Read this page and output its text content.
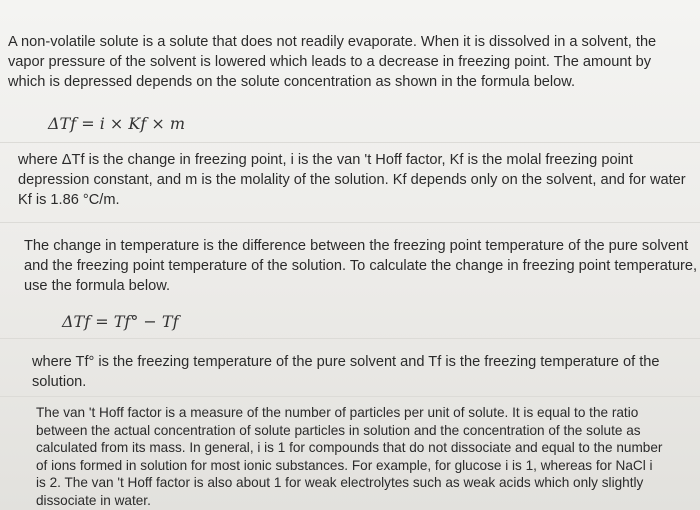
A non-volatile solute is a solute that does not readily evaporate. When it is dissolved in a solvent, the
vapor pressure of the solvent is lowered which leads to a decrease in freezing point. The amount by
which is depressed depends on the solute concentration as shown in the formula below.

ΔTf = i × Kf × m

where ΔTf is the change in freezing point, i is the van 't Hoff factor, Kf is the molal freezing point
depression constant, and m is the molality of the solution. Kf depends only on the solvent, and for water
Kf is 1.86 °C/m.

The change in temperature is the difference between the freezing point temperature of the pure solvent
and the freezing point temperature of the solution. To calculate the change in freezing point temperature,
use the formula below.

ΔTf = Tf° − Tf

where Tf° is the freezing temperature of the pure solvent and Tf is the freezing temperature of the
solution.

The van 't Hoff factor is a measure of the number of particles per unit of solute. It is equal to the ratio
between the actual concentration of solute particles in solution and the concentration of the solute as
calculated from its mass. In general, i is 1 for compounds that do not dissociate and equal to the number
of ions formed in solution for most ionic substances. For example, for glucose i is 1, whereas for NaCl i
is 2. The van 't Hoff factor is also about 1 for weak electrolytes such as weak acids which only slightly
dissociate in water.
